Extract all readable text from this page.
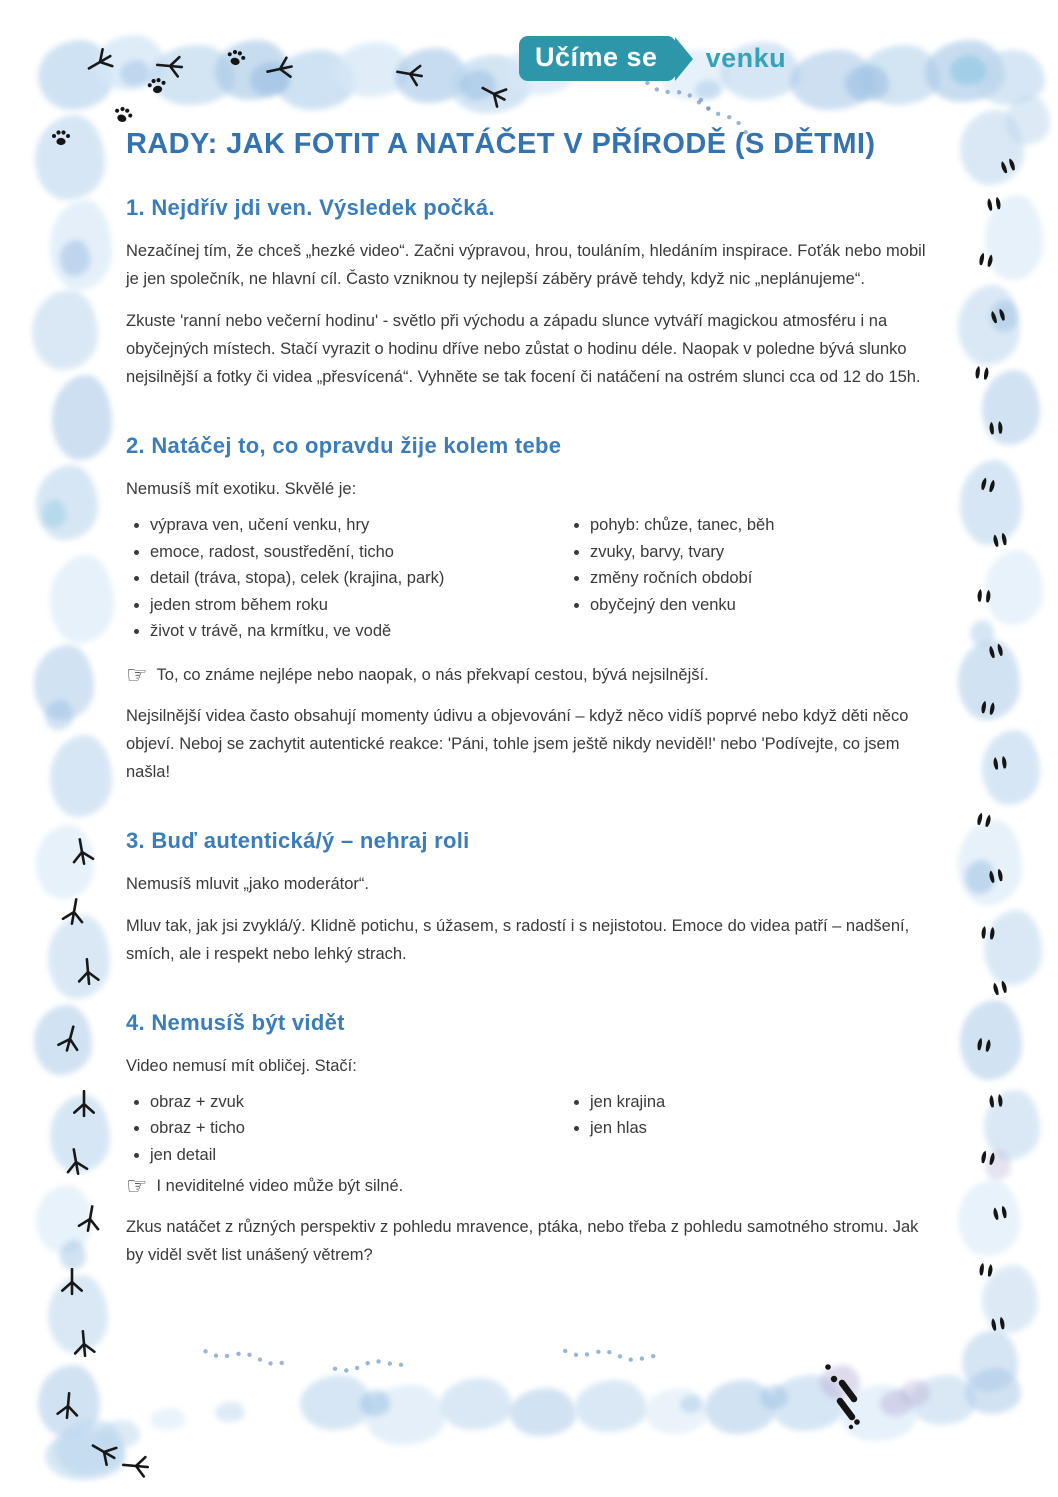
Učíme se	venku
RADY: JAK FOTIT A NATÁČET V PŘÍRODĚ (S DĚTMI)
1. Nejdřív jdi ven. Výsledek počká.

Nezačínej tím, že chceš „hezké video“. Začni výpravou, hrou, touláním, hledáním inspirace. Foťák nebo mobil je jen společník, ne hlavní cíl. Často vzniknou ty nejlepší záběry právě tehdy, když nic „neplánujeme“.

Zkuste 'ranní nebo večerní hodinu' - světlo při východu a západu slunce vytváří magickou atmosféru i na obyčejných místech. Stačí vyrazit o hodinu dříve nebo zůstat o hodinu déle. Naopak v poledne bývá slunko nejsilnější a fotky či videa „přesvícená“. Vyhněte se tak focení či natáčení na ostrém slunci cca od 12 do 15h.

2. Natáčej to, co opravdu žije kolem tebe

Nemusíš mít exotiku. Skvělé je:

• výprava ven, učení venku, hry
• emoce, radost, soustředění, ticho
• detail (tráva, stopa), celek (krajina, park)
• jeden strom během roku
• život v trávě, na krmítku, ve vodě
• pohyb: chůze, tanec, běh
• zvuky, barvy, tvary
• změny ročních období
• obyčejný den venku
☞ To, co známe nejlépe nebo naopak, o nás překvapí cestou, bývá nejsilnější.

Nejsilnější videa často obsahují momenty údivu a objevování – když něco vidíš poprvé nebo když děti něco objeví. Neboj se zachytit autentické reakce: 'Páni, tohle jsem ještě nikdy neviděl!' nebo 'Podívejte, co jsem našla!

3. Buď autentická/ý – nehraj roli

Nemusíš mluvit „jako moderátor“.

Mluv tak, jak jsi zvyklá/ý. Klidně potichu, s úžasem, s radostí i s nejistotou. Emoce do videa patří – nadšení, smích, ale i respekt nebo lehký strach.

4. Nemusíš být vidět

Video nemusí mít obličej. Stačí:

• obraz + zvuk
• obraz + ticho
• jen detail
• jen krajina
• jen hlas
☞ I neviditelné video může být silné.

Zkus natáčet z různých perspektiv z pohledu mravence, ptáka, nebo třeba z pohledu samotného stromu. Jak by viděl svět list unášený větrem?
